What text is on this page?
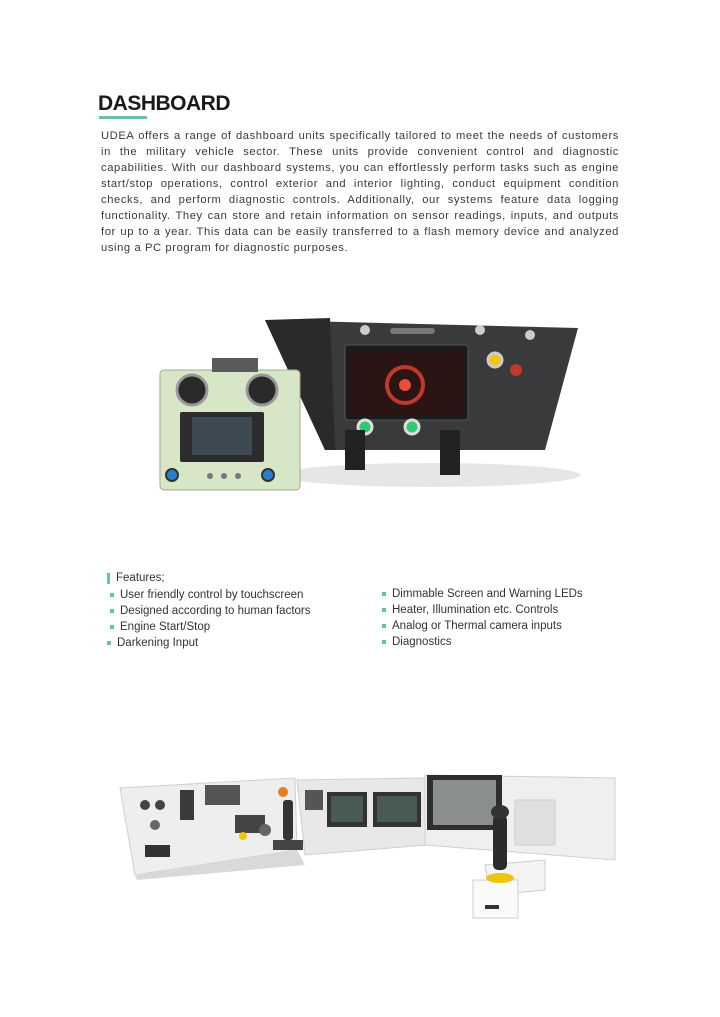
DASHBOARD

UDEA offers a range of dashboard units specifically tailored to meet the needs of customers in the military vehicle sector. These units provide convenient control and diagnostic capabilities. With our dashboard systems, you can effortlessly perform tasks such as engine start/stop operations, control exterior and interior lighting, conduct equipment condition checks, and perform diagnostic controls. Additionally, our systems feature data logging functionality. They can store and retain information on sensor readings, inputs, and outputs for up to a year. This data can be easily transferred to a flash memory device and analyzed using a PC program for diagnostic purposes.

Features;
User friendly control by touchscreen
Designed according to human factors
Engine Start/Stop
Darkening Input
Dimmable Screen and Warning LEDs
Heater, Illumination etc. Controls
Analog or Thermal camera inputs
Diagnostics
